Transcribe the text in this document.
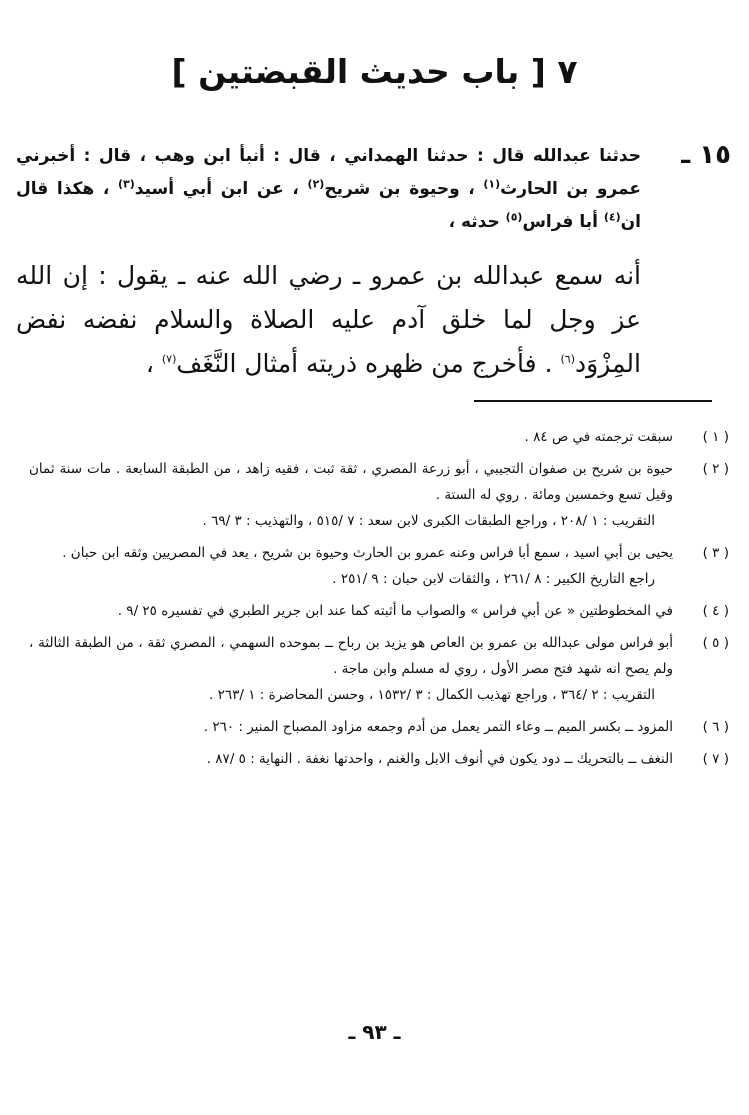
٧ [ باب حديث القبضتين ]
١٥ ـ
حدثنا عبدالله قال : حدثنا الهمداني ، قال : أنبأ ابن وهب ، قال : أخبرني عمرو بن الحارث$^{(١)}$ ، وحيوة بن شريح$^{(٢)}$ ، عن ابن أبي أسيد$^{(٣)}$ ، هكذا قال ان$^{(٤)}$ أبا فراس$^{(٥)}$ حدثه ،
أنه سمع عبدالله بن عمرو ـ رضي الله عنه ـ يقول : إن الله عز وجل لما خلق آدم عليه الصلاة والسلام نفضه نفض المِزْوَد$^{(٦)}$ . فأخرج من ظهره ذريته أمثال النَّغَف$^{(٧)}$ ،
( ١ )
سبقت ترجمته في ص ٨٤ .
( ٢ )
حيوة بن شريح بن صفوان التجيبي ، أبو زرعة المصري ، ثقة ثبت ، فقيه زاهد ، من الطبقة السابعة . مات سنة ثمان وقيل تسع وخمسين ومائة . روي له الستة .
التقريب : ١ /٢٠٨ ، وراجع الطبقات الكبرى لابن سعد : ٧ /٥١٥ ، والتهذيب : ٣ /٦٩ .
( ٣ )
يحيى بن أبي اسيد ، سمع أبا فراس وعنه عمرو بن الحارث وحيوة بن شريح ، يعد في المصريين وثقه ابن حبان .
راجع التاريخ الكبير : ٨ /٢٦١ ، والثقات لابن حبان : ٩ /٢٥١ .
( ٤ )
في المخطوطتين « عن أبي فراس » والصواب ما أثبته كما عند ابن جرير الطبري في تفسيره ٢٥ /٩ .
( ٥ )
أبو فراس مولى عبدالله بن عمرو بن العاص هو يزيد بن رباح ــ بموحده السهمي ، المصري ثقة ، من الطبقة الثالثة ، ولم يصح انه شهد فتح مصر الأول ، روي له مسلم وابن ماجة .
التقريب : ٢ /٣٦٤ ، وراجع تهذيب الكمال : ٣ /١٥٣٢ ، وحسن المحاضرة : ١ /٢٦٣ .
( ٦ )
المزود ــ بكسر الميم ــ وعاء التمر يعمل من أدم وجمعه مزاود المصباح المنير : ٢٦٠ .
( ٧ )
النغف ــ بالتحريك ــ دود يكون في أنوف الابل والغنم ، واحدتها نغفة . النهاية : ٥ /٨٧ .
ـ ٩٣ ـ
